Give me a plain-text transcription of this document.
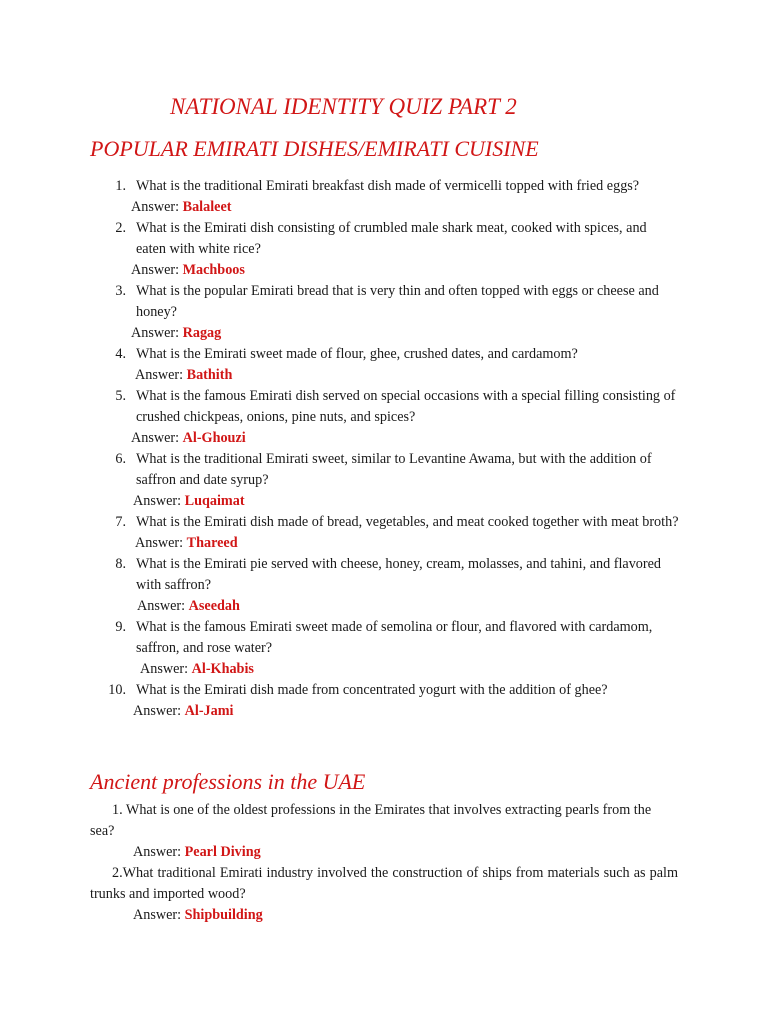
NATIONAL IDENTITY QUIZ PART 2
POPULAR EMIRATI DISHES/EMIRATI CUISINE
1. What is the traditional Emirati breakfast dish made of vermicelli topped with fried eggs?
Answer: Balaleet
2. What is the Emirati dish consisting of crumbled male shark meat, cooked with spices, and eaten with white rice?
Answer: Machboos
3. What is the popular Emirati bread that is very thin and often topped with eggs or cheese and honey?
Answer: Ragag
4. What is the Emirati sweet made of flour, ghee, crushed dates, and cardamom?
Answer: Bathith
5. What is the famous Emirati dish served on special occasions with a special filling consisting of crushed chickpeas, onions, pine nuts, and spices?
Answer: Al-Ghouzi
6. What is the traditional Emirati sweet, similar to Levantine Awama, but with the addition of saffron and date syrup?
Answer: Luqaimat
7. What is the Emirati dish made of bread, vegetables, and meat cooked together with meat broth?
Answer: Thareed
8. What is the Emirati pie served with cheese, honey, cream, molasses, and tahini, and flavored with saffron?
Answer: Aseedah
9. What is the famous Emirati sweet made of semolina or flour, and flavored with cardamom, saffron, and rose water?
Answer: Al-Khabis
10. What is the Emirati dish made from concentrated yogurt with the addition of ghee?
Answer: Al-Jami
Ancient professions in the UAE
1. What is one of the oldest professions in the Emirates that involves extracting pearls from the sea?
Answer: Pearl Diving
2.What traditional Emirati industry involved the construction of ships from materials such as palm trunks and imported wood?
Answer: Shipbuilding
